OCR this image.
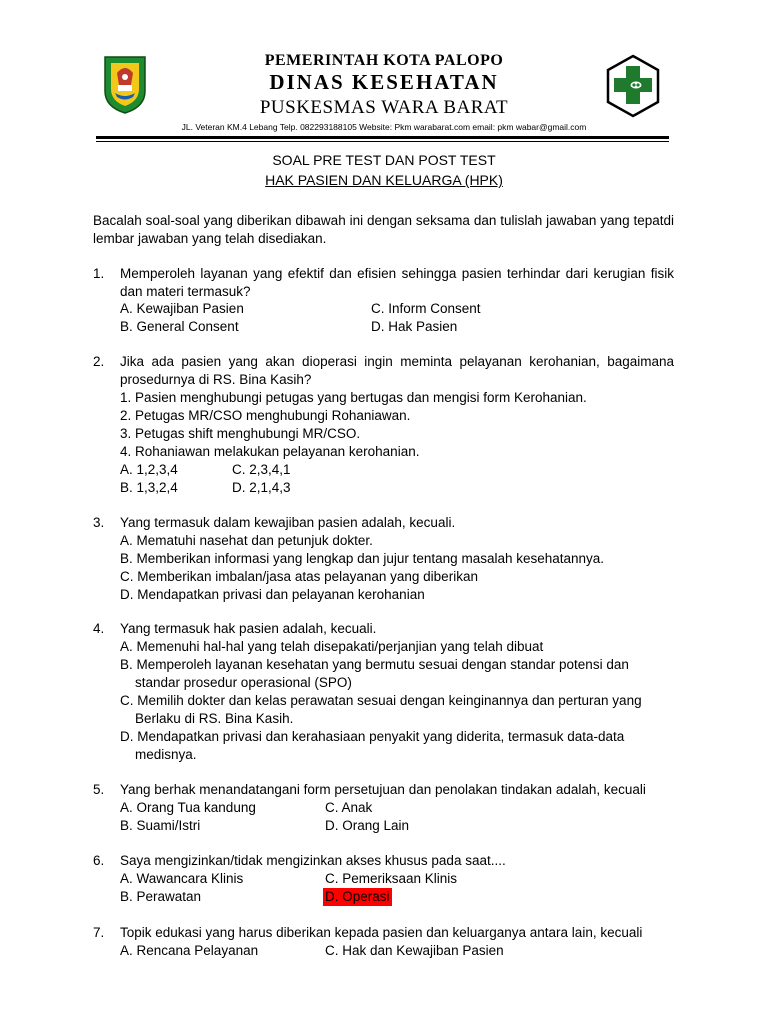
PEMERINTAH KOTA PALOPO
DINAS KESEHATAN
PUSKESMAS WARA BARAT
JL. Veteran KM.4 Lebang Telp. 082293188105 Website: Pkm warabarat.com email: pkm wabar@gmail.com
SOAL PRE TEST DAN POST TEST
HAK PASIEN DAN KELUARGA (HPK)
Bacalah soal-soal yang diberikan dibawah ini dengan seksama dan tulislah jawaban yang tepatdi lembar jawaban yang telah disediakan.
1. Memperoleh layanan yang efektif dan efisien sehingga pasien terhindar dari kerugian fisik dan materi termasuk?
A. Kewajiban Pasien	C. Inform Consent
B. General Consent	D. Hak Pasien
2. Jika ada pasien yang akan dioperasi ingin meminta pelayanan kerohanian, bagaimana prosedurnya di RS. Bina Kasih?
1. Pasien menghubungi petugas yang bertugas dan mengisi form Kerohanian.
2. Petugas MR/CSO menghubungi Rohaniawan.
3. Petugas shift menghubungi MR/CSO.
4. Rohaniawan melakukan pelayanan kerohanian.
A. 1,2,3,4	C. 2,3,4,1
B. 1,3,2,4	D. 2,1,4,3
3. Yang termasuk dalam kewajiban pasien adalah, kecuali.
A. Mematuhi nasehat dan petunjuk dokter.
B. Memberikan informasi yang lengkap dan jujur tentang masalah kesehatannya.
C. Memberikan imbalan/jasa atas pelayanan yang diberikan
D. Mendapatkan privasi dan pelayanan kerohanian
4. Yang termasuk hak pasien adalah, kecuali.
A. Memenuhi hal-hal yang telah disepakati/perjanjian yang telah dibuat
B. Memperoleh layanan kesehatan yang bermutu sesuai dengan standar potensi dan
standar prosedur operasional (SPO)
C. Memilih dokter dan kelas perawatan sesuai dengan keinginannya dan perturan yang
Berlaku di RS. Bina Kasih.
D. Mendapatkan privasi dan kerahasiaan penyakit yang diderita, termasuk data-data
medisnya.
5. Yang berhak menandatangani form persetujuan dan penolakan tindakan adalah, kecuali
A. Orang Tua kandung	C. Anak
B. Suami/Istri	D. Orang Lain
6. Saya mengizinkan/tidak mengizinkan akses khusus pada saat....
A. Wawancara Klinis	C. Pemeriksaan Klinis
B. Perawatan	D. Operasi
7. Topik edukasi yang harus diberikan kepada pasien dan keluarganya antara lain, kecuali
A. Rencana Pelayanan	C. Hak dan Kewajiban Pasien
